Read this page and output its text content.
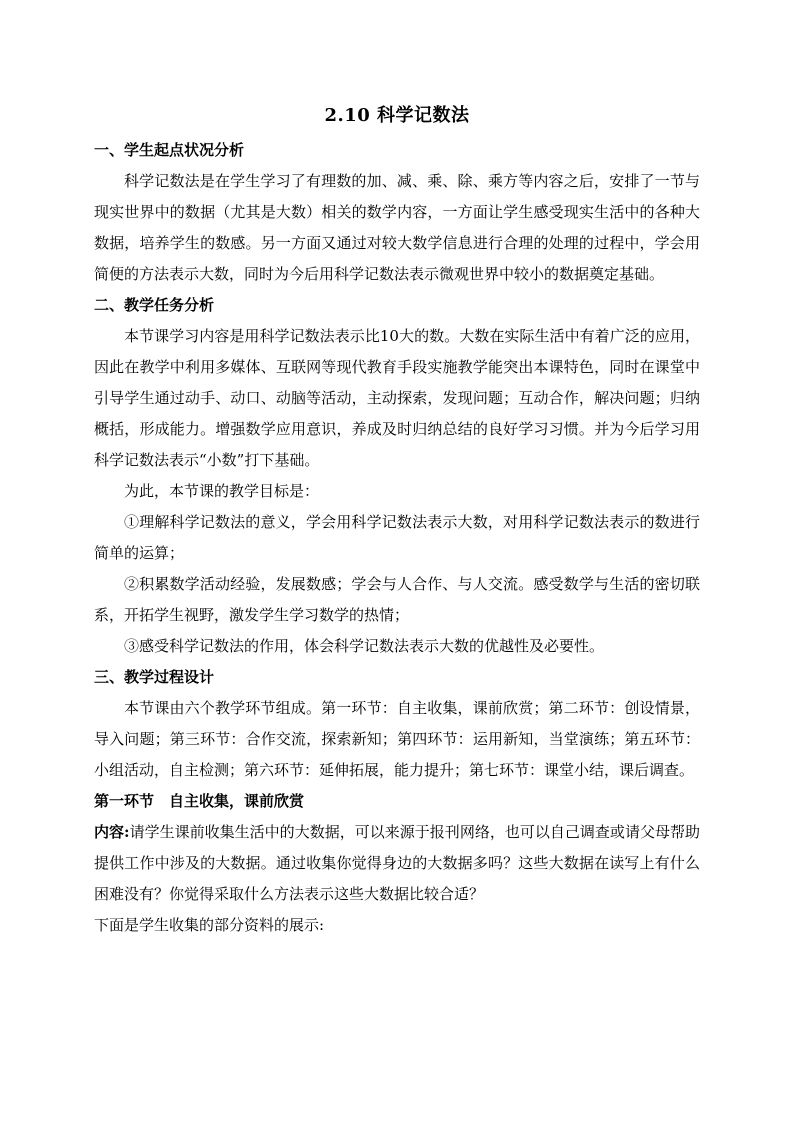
2.10 科学记数法
一、学生起点状况分析

科学记数法是在学生学习了有理数的加、减、乘、除、乘方等内容之后，安排了一节与现实世界中的数据（尤其是大数）相关的数学内容，一方面让学生感受现实生活中的各种大数据，培养学生的数感。另一方面又通过对较大数学信息进行合理的处理的过程中，学会用简便的方法表示大数，同时为今后用科学记数法表示微观世界中较小的数据奠定基础。

二、教学任务分析

本节课学习内容是用科学记数法表示比10大的数。大数在实际生活中有着广泛的应用，因此在教学中利用多媒体、互联网等现代教育手段实施教学能突出本课特色，同时在课堂中引导学生通过动手、动口、动脑等活动，主动探索，发现问题；互动合作，解决问题；归纳概括，形成能力。增强数学应用意识，养成及时归纳总结的良好学习习惯。并为今后学习用科学记数法表示“小数”打下基础。

为此，本节课的教学目标是：

①理解科学记数法的意义，学会用科学记数法表示大数，对用科学记数法表示的数进行简单的运算；

②积累数学活动经验，发展数感；学会与人合作、与人交流。感受数学与生活的密切联系，开拓学生视野，激发学生学习数学的热情；

③感受科学记数法的作用，体会科学记数法表示大数的优越性及必要性。

三、教学过程设计

本节课由六个教学环节组成。第一环节：自主收集，课前欣赏；第二环节：创设情景，导入问题；第三环节：合作交流，探索新知；第四环节：运用新知，当堂演练；第五环节：小组活动，自主检测；第六环节：延伸拓展，能力提升；第七环节：课堂小结，课后调查。

第一环节　自主收集，课前欣赏

内容:请学生课前收集生活中的大数据，可以来源于报刊网络，也可以自己调查或请父母帮助提供工作中涉及的大数据。通过收集你觉得身边的大数据多吗？这些大数据在读写上有什么困难没有？你觉得采取什么方法表示这些大数据比较合适？

下面是学生收集的部分资料的展示:
